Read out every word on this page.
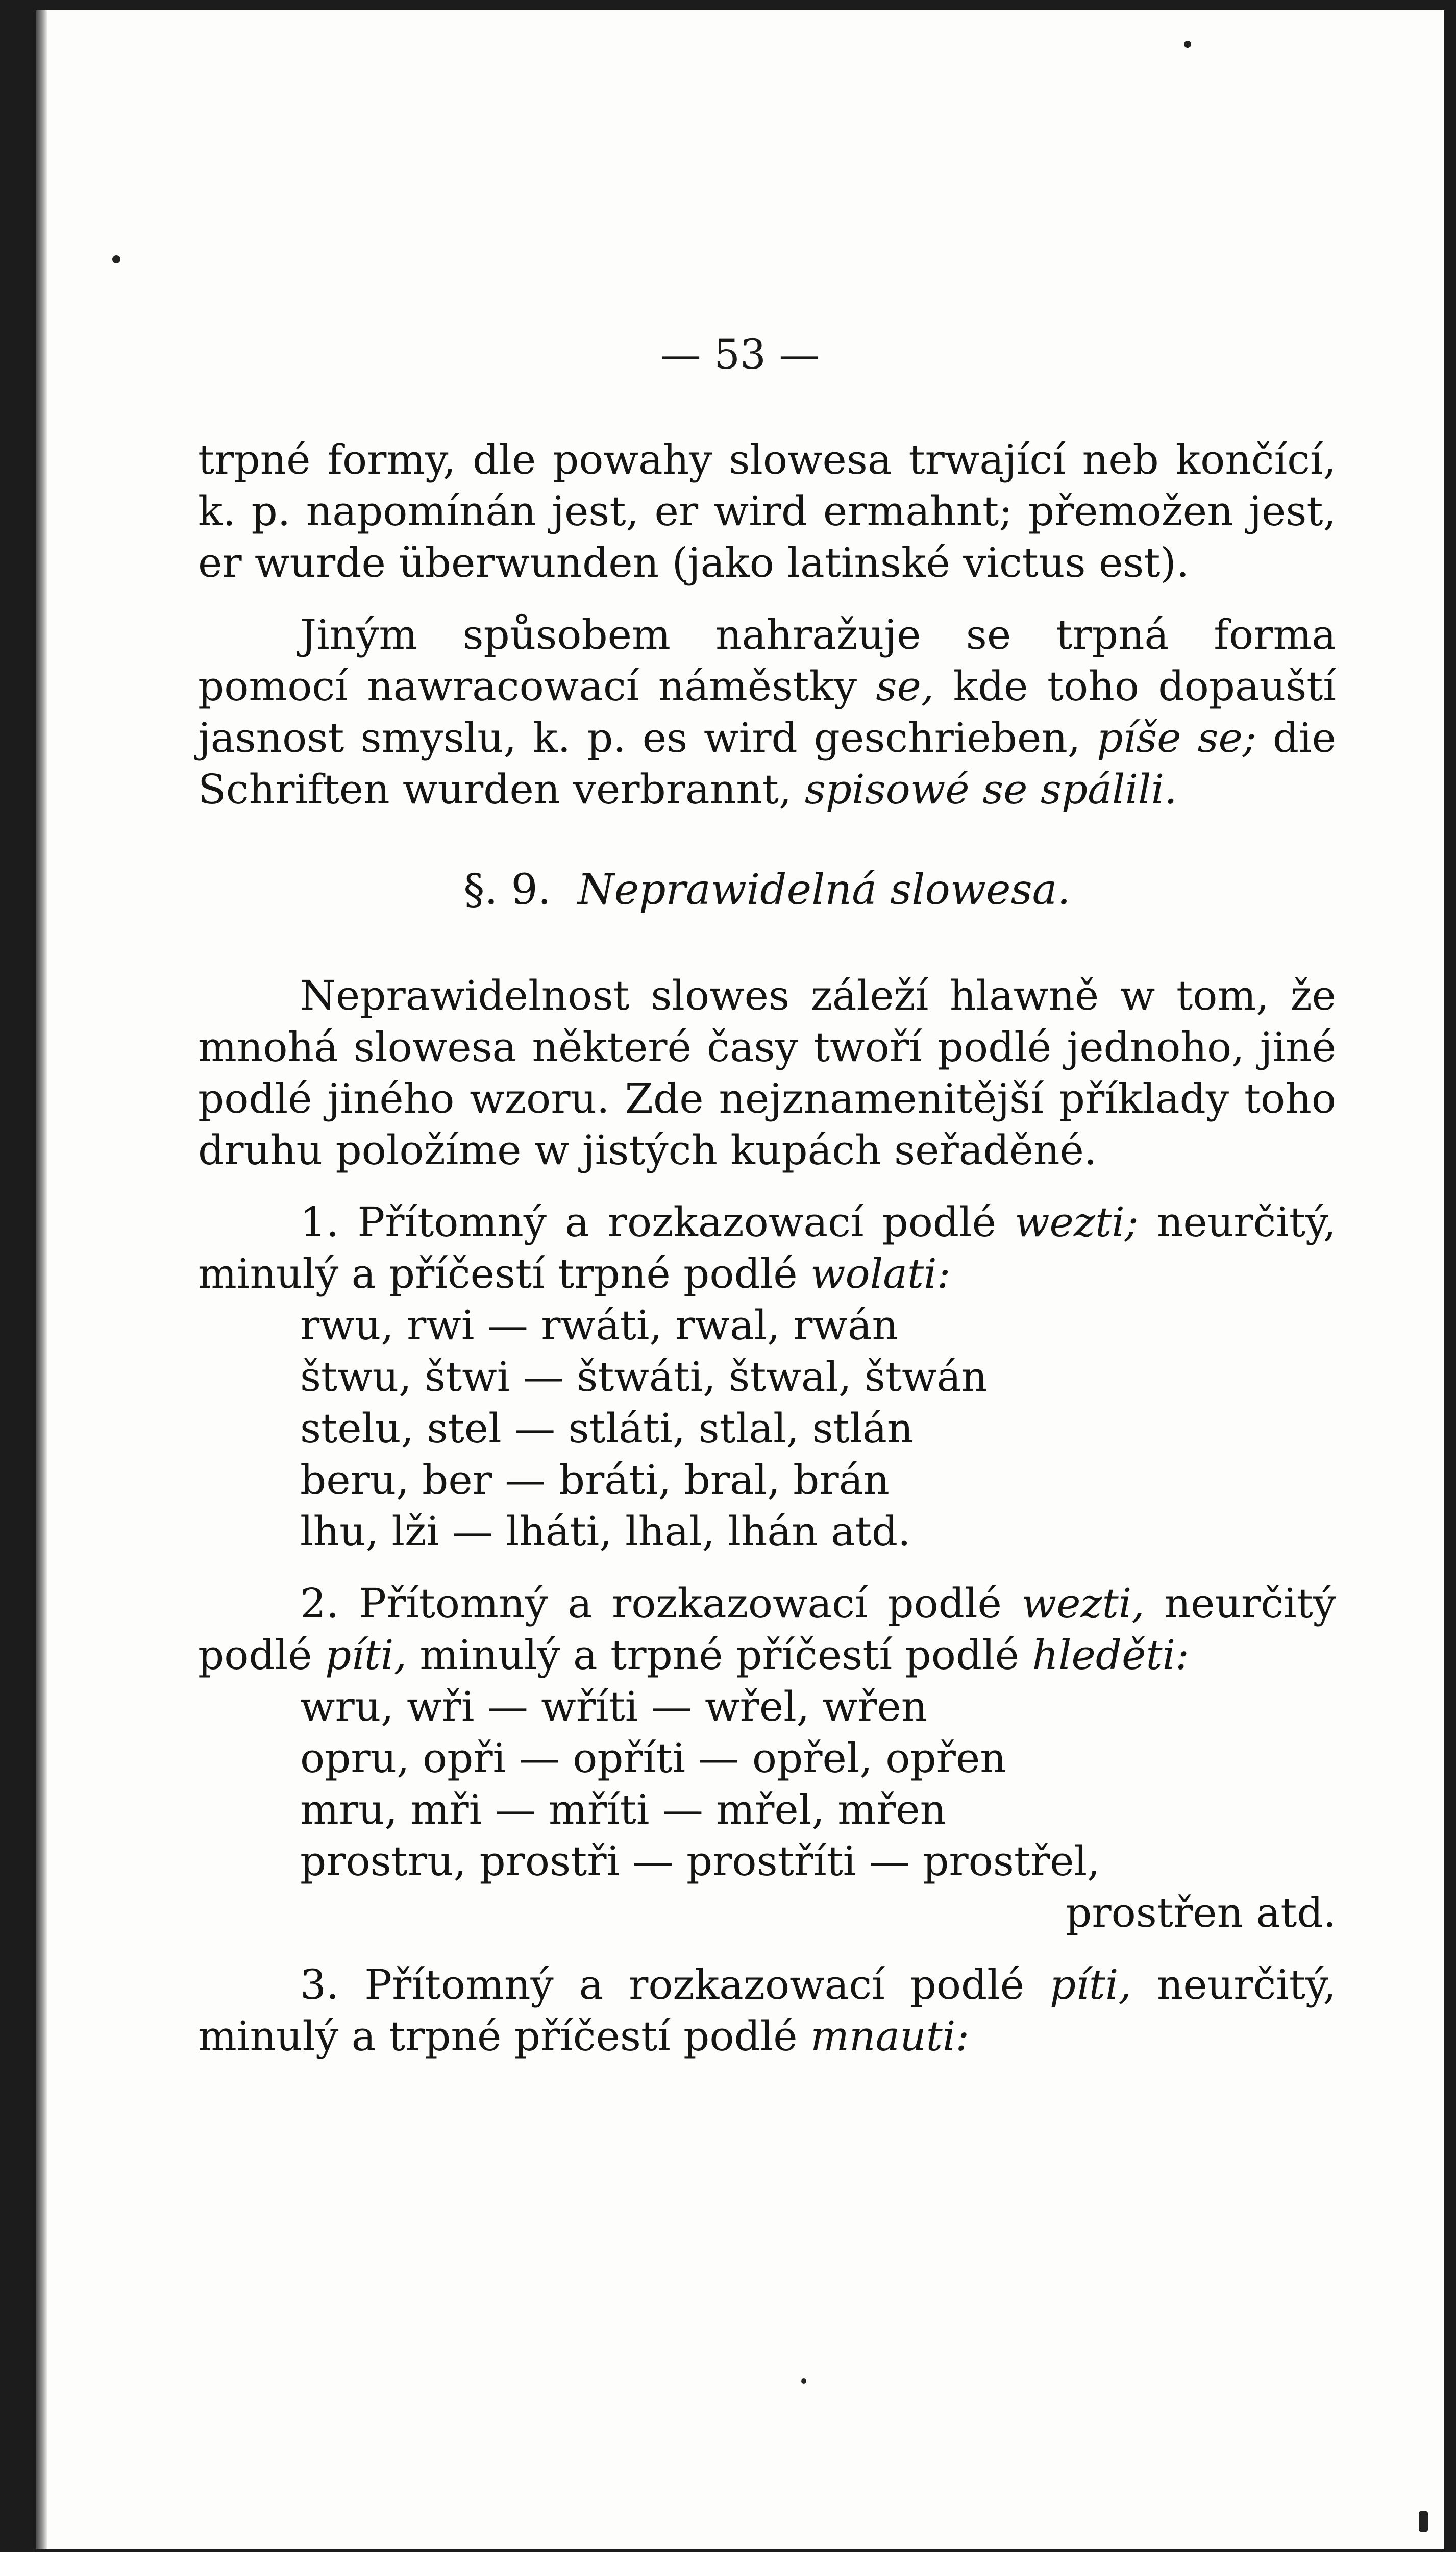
— 53 —

trpné formy, dle powahy slowesa trwající neb končící, k. p. napomínán jest, er wird ermahnt; přemožen jest, er wurde überwunden (jako latinské victus est).

Jiným spůsobem nahražuje se trpná forma pomocí nawracowací náměstky se, kde toho dopauští jasnost smyslu, k. p. es wird geschrieben, píše se; die Schriften wurden verbrannt, spisowé se spálili.

§. 9. Neprawidelná slowesa.

Neprawidelnost slowes záleží hlawně w tom, že mnohá slowesa některé časy twoří podlé jednoho, jiné podlé jiného wzoru. Zde nejznamenitější příklady toho druhu položíme w jistých kupách seřaděné.

1. Přítomný a rozkazowací podlé wezti; neurčitý, minulý a příčestí trpné podlé wolati:

rwu, rwi — rwáti, rwal, rwán
štwu, štwi — štwáti, štwal, štwán
stelu, stel — stláti, stlal, stlán
beru, ber — bráti, bral, brán
lhu, lži — lháti, lhal, lhán atd.

2. Přítomný a rozkazowací podlé wezti, neurčitý podlé píti, minulý a trpné příčestí podlé hleděti:

wru, wři — wříti — wřel, wřen
opru, opři — opříti — opřel, opřen
mru, mři — mříti — mřel, mřen
prostru, prostři — prostříti — prostřel,
prostřen atd.

3. Přítomný a rozkazowací podlé píti, neurčitý, minulý a trpné příčestí podlé mnauti:
